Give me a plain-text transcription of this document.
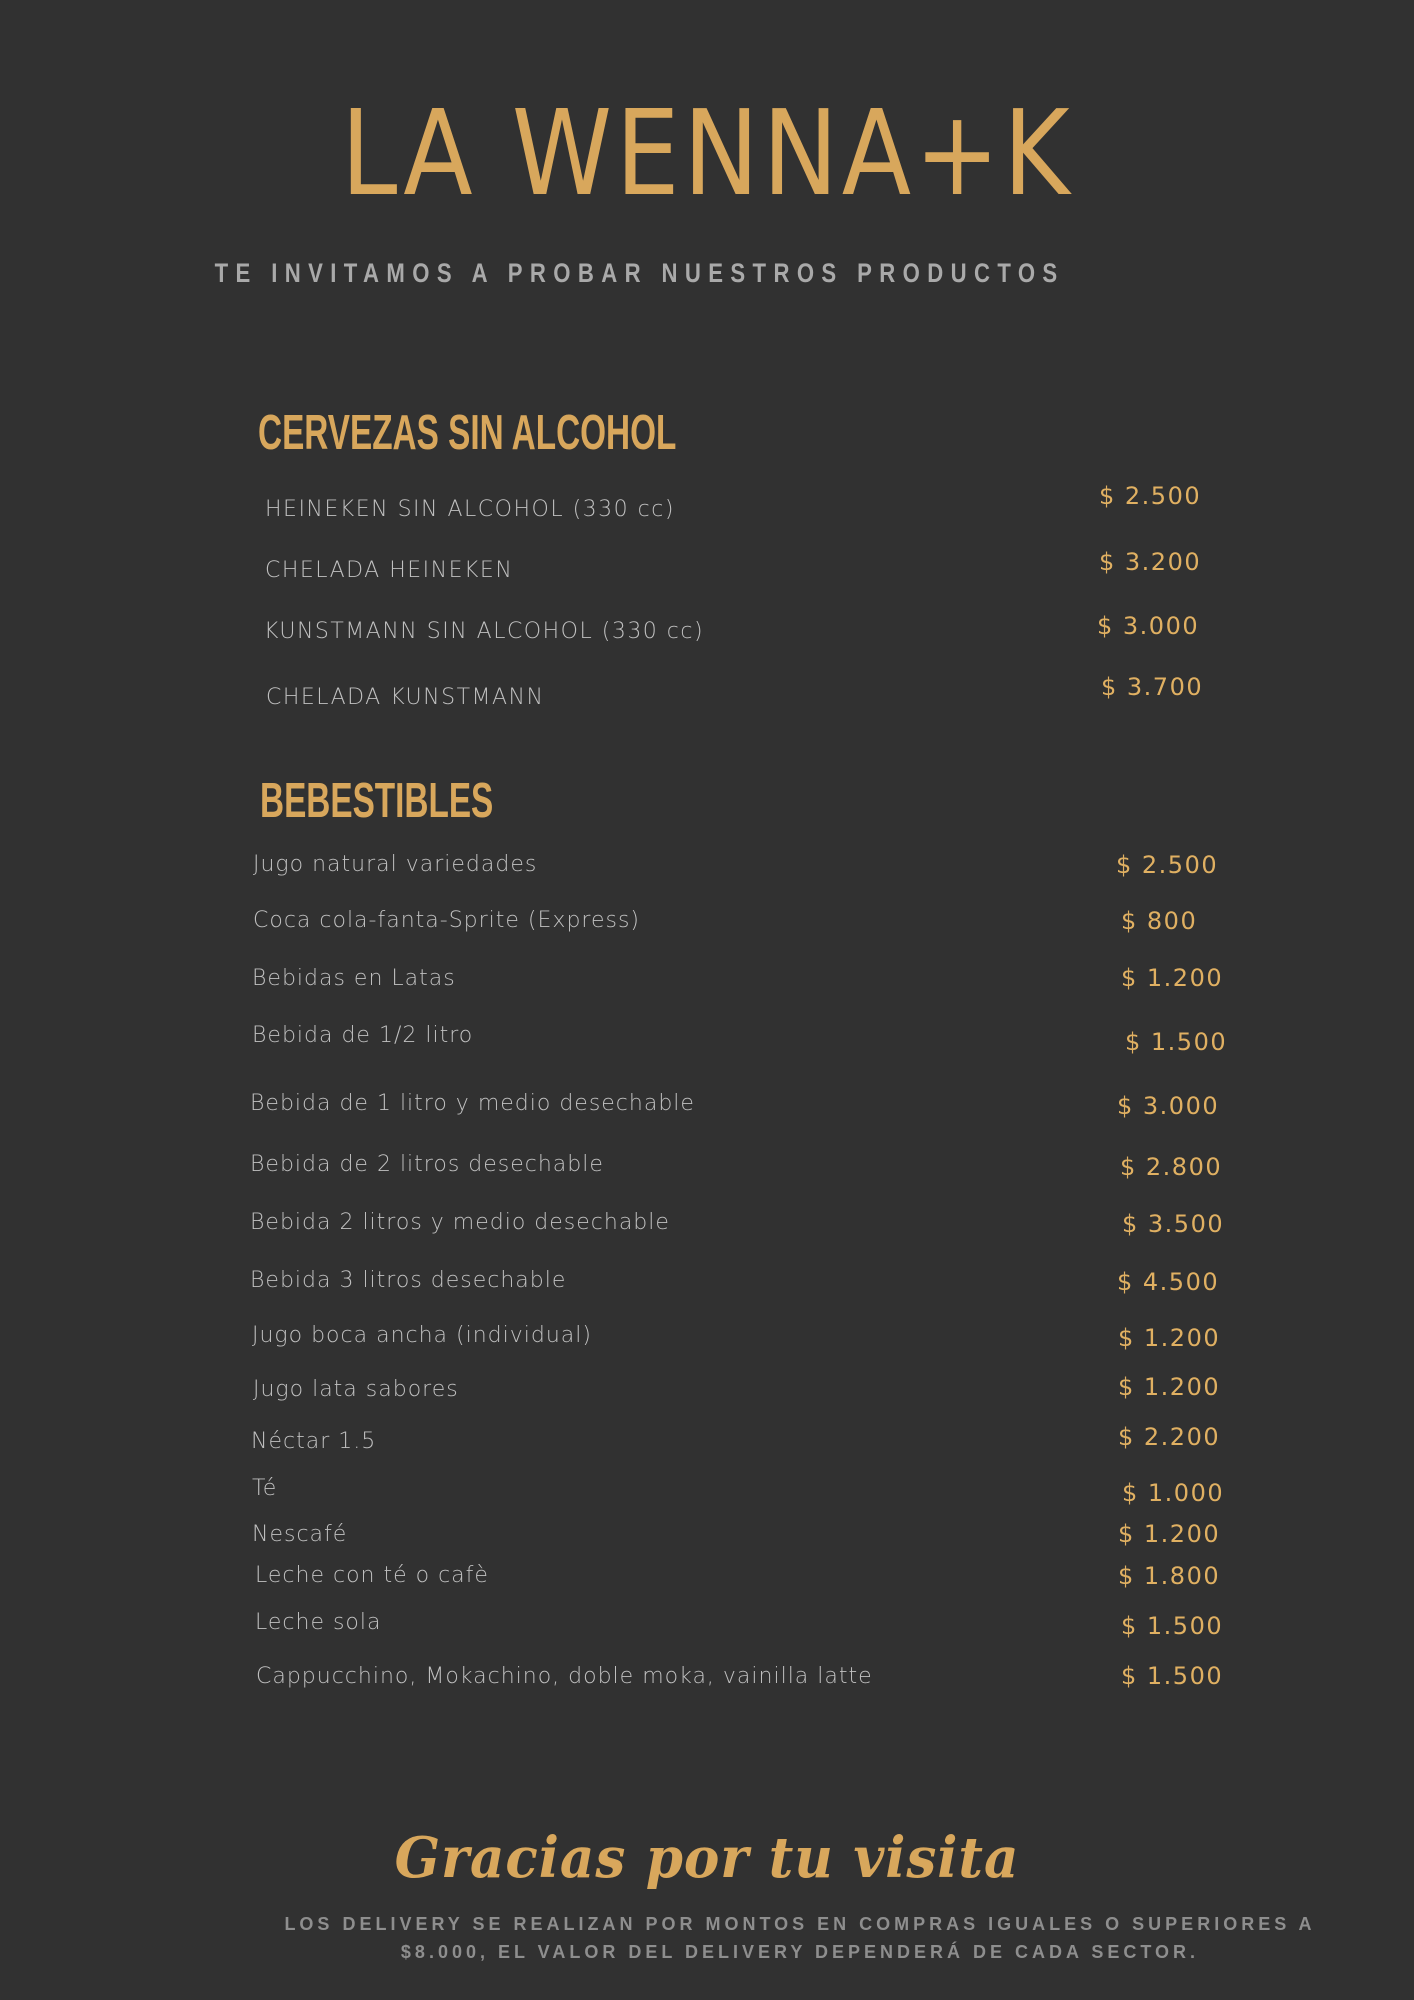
LA WENNA+K
TE INVITAMOS A PROBAR NUESTROS PRODUCTOS
CERVEZAS SIN ALCOHOL
HEINEKEN SIN ALCOHOL (330 cc)	$ 2.500
CHELADA HEINEKEN	$ 3.200
KUNSTMANN SIN ALCOHOL (330 cc)	$ 3.000
CHELADA KUNSTMANN	$ 3.700
BEBESTIBLES
Jugo natural variedades	$ 2.500
Coca cola-fanta-Sprite (Express)	$ 800
Bebidas en Latas	$ 1.200
Bebida de 1/2 litro	$ 1.500
Bebida de 1 litro y medio desechable	$ 3.000
Bebida de 2 litros desechable	$ 2.800
Bebida 2 litros y medio desechable	$ 3.500
Bebida 3 litros desechable	$ 4.500
Jugo boca ancha (individual)	$ 1.200
Jugo lata sabores	$ 1.200
Néctar 1.5	$ 2.200
Té	$ 1.000
Nescafé	$ 1.200
Leche con té o cafè	$ 1.800
Leche sola	$ 1.500
Cappucchino, Mokachino, doble moka, vainilla latte	$ 1.500
Gracias por tu visita
LOS DELIVERY SE REALIZAN POR MONTOS EN COMPRAS IGUALES O SUPERIORES A $8.000, EL VALOR DEL DELIVERY DEPENDERÁ DE CADA SECTOR.
